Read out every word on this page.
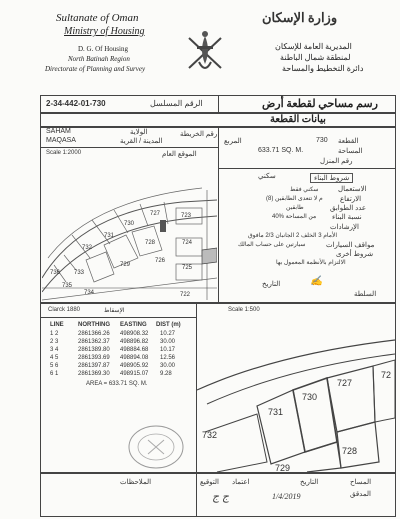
Sultanate of Oman
Ministry of Housing
D. G. Of Housing
North Batinah Region
Directorate of Planning and Survey
وزارة الإسكان
المديرية العامة للإسكان
لمنطقة شمال الباطنة
دائرة التخطيط والمساحة
2-34-442-01-730	الرقم المسلسل	رسم مساحي لقطعة أرض
بيانات القطعة
SAHAM	الولاية
MAQASA	المدينة / القرية
رقم الخريطة
Scale 1:2000	الموقع العام
727	723
730
731
732
728	724
729
726
725
736 733
735
734	722
المربع	730 القطعة
633.71 SQ. M.	المساحة
رقم المنزل
سكني	شروط البناء
الاستعمال
سكني فقط
(8) م لا تتعدى الطابقين الارتفاع
طابقين	عدد الطوابق
40% من المساحة نسبة البناء
الإرشادات
الأمام 3 الخلف 2 الجانبان 2/3 مافوق
سيارتين على حساب المالك	مواقف السيارات
شروط أخرى
الالتزام بالأنظمة المعمول بها
التاريخ	✍
السلطة
Clarck 1880	الإسقاط
LINE NORTHING EASTING DIST (m)
1 2	2861366.26 498908.32 10.27
2 3	2861362.37 498896.82 30.00
3 4	2861389.80 498884.68 10.17
4 5	2861393.69 498894.08 12.56
5 6	2861397.87 498905.92 30.00
6 1	2861369.30 498915.07 9.28
AREA = 633.71 SQ. M.
Scale 1:500
727
72
730
731
732
729
728
الملاحظات	التوقيع اعتماد	التاريخ	المساح
المدقق
1/4/2019
ﺝ ﺝ
